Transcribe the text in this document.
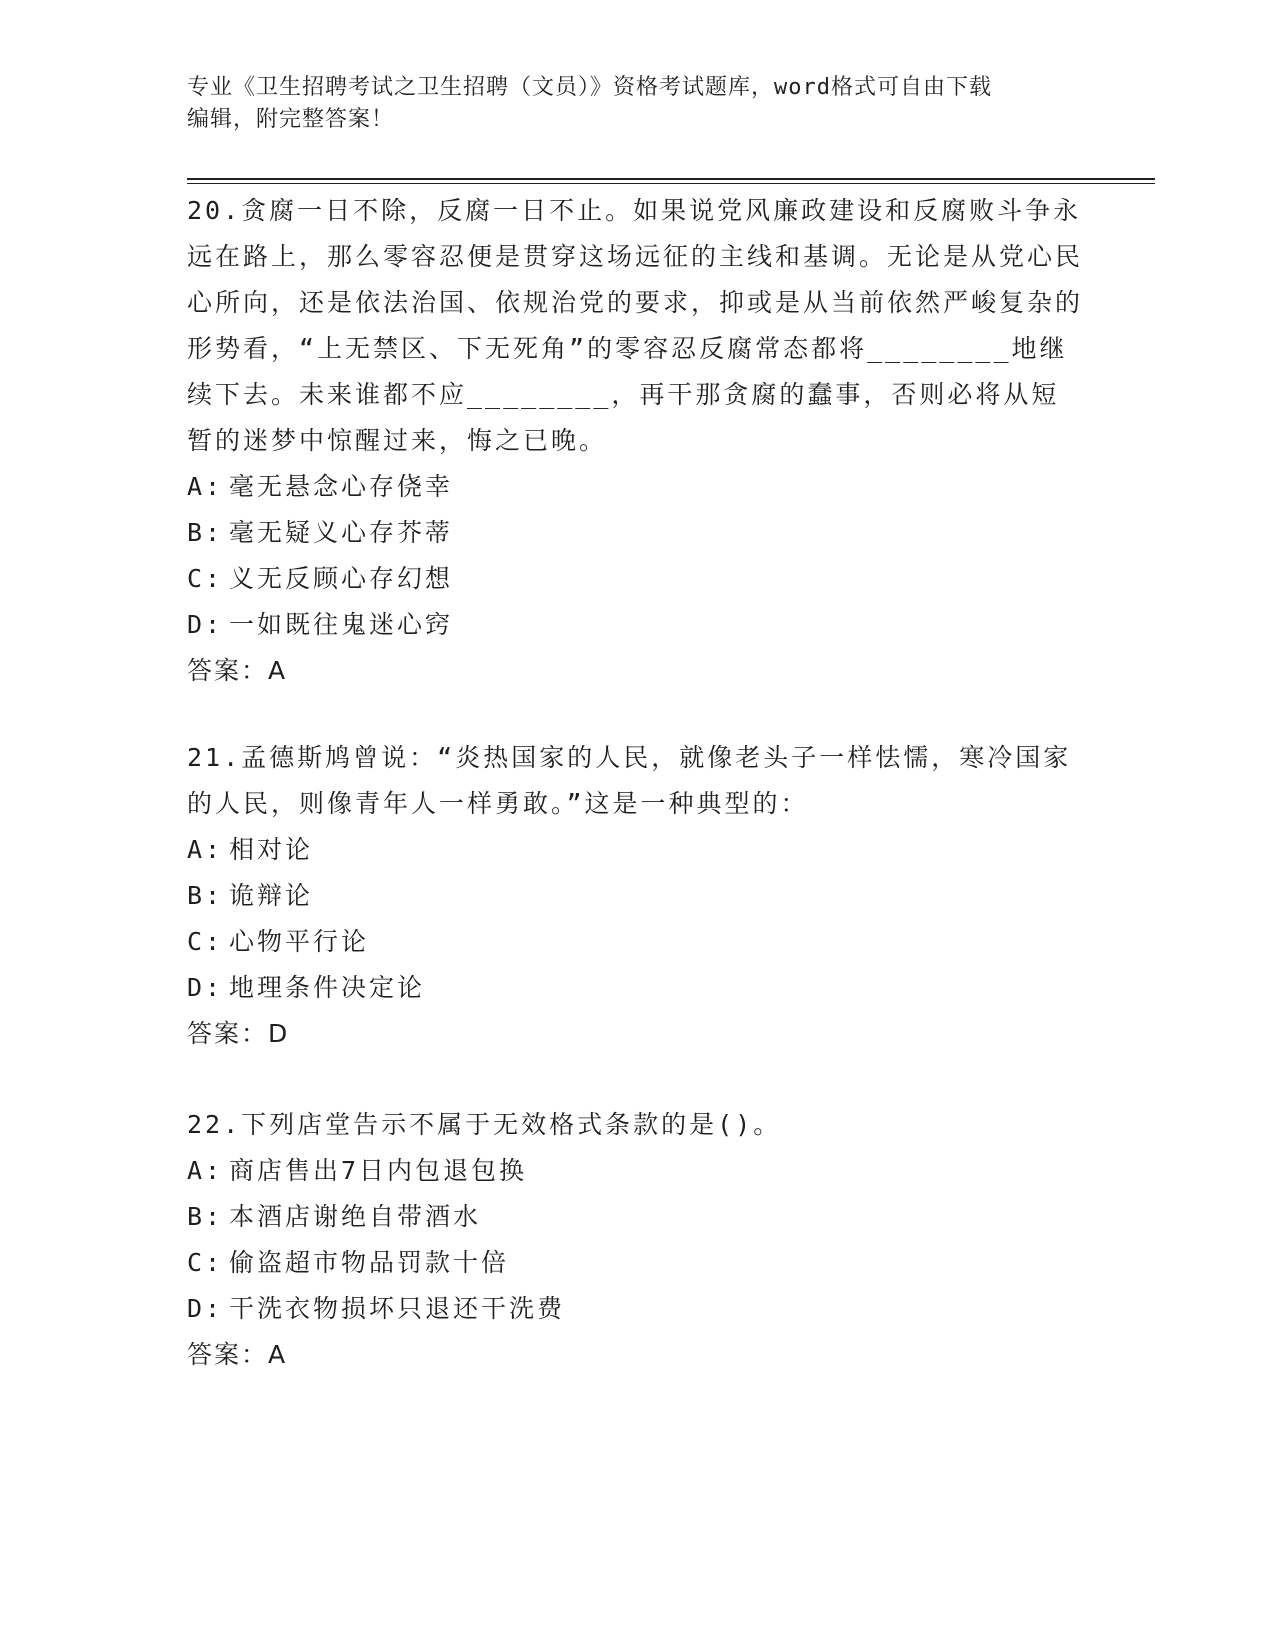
专业《卫生招聘考试之卫生招聘（文员）》资格考试题库，word格式可自由下载
编辑，附完整答案！

20.贪腐一日不除，反腐一日不止。如果说党风廉政建设和反腐败斗争永远在路上，那么零容忍便是贯穿这场远征的主线和基调。无论是从党心民心所向，还是依法治国、依规治党的要求，抑或是从当前依然严峻复杂的形势看，“上无禁区、下无死角”的零容忍反腐常态都将________地继续下去。未来谁都不应________，再干那贪腐的蠢事，否则必将从短暂的迷梦中惊醒过来，悔之已晚。

A: 毫无悬念心存侥幸

B: 毫无疑义心存芥蒂

C: 义无反顾心存幻想

D: 一如既往鬼迷心窍

答案：A

21.孟德斯鸠曾说：“炎热国家的人民，就像老头子一样怯懦，寒冷国家的人民，则像青年人一样勇敢。”这是一种典型的：

A: 相对论

B: 诡辩论

C: 心物平行论

D: 地理条件决定论

答案：D

22.下列店堂告示不属于无效格式条款的是()。

A: 商店售出7日内包退包换

B: 本酒店谢绝自带酒水

C: 偷盗超市物品罚款十倍

D: 干洗衣物损坏只退还干洗费

答案：A
